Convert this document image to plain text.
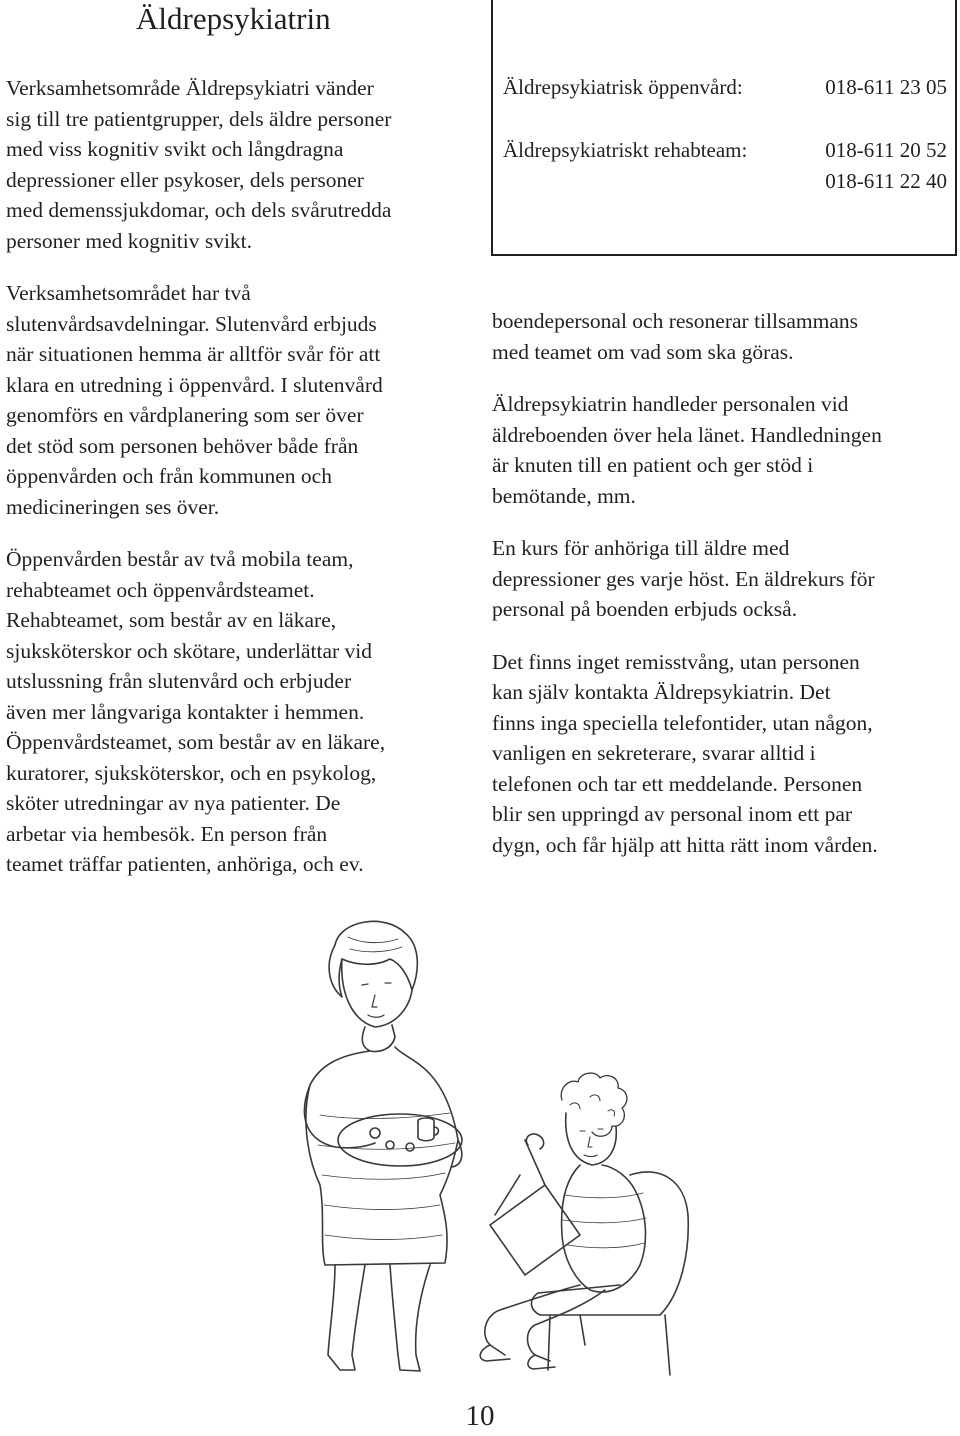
Äldrepsykiatrin

Verksamhetsområde Äldrepsykiatri vänder
sig till tre patientgrupper, dels äldre personer
med viss kognitiv svikt och långdragna
depressioner eller psykoser, dels personer
med demenssjukdomar, och dels svårutredda
personer med kognitiv svikt.

Verksamhetsområdet har två
slutenvårdsavdelningar. Slutenvård erbjuds
när situationen hemma är alltför svår för att
klara en utredning i öppenvård. I slutenvård
genomförs en vårdplanering som ser över
det stöd som personen behöver både från
öppenvården och från kommunen och
medicineringen ses över.

Öppenvården består av två mobila team,
rehabteamet och öppenvårdsteamet.
Rehabteamet, som består av en läkare,
sjuksköterskor och skötare, underlättar vid
utslussning från slutenvård och erbjuder
även mer långvariga kontakter i hemmen.
Öppenvårdsteamet, som består av en läkare,
kuratorer, sjuksköterskor, och en psykolog,
sköter utredningar av nya patienter. De
arbetar via hembesök. En person från
teamet träffar patienten, anhöriga, och ev.

Äldrepsykiatrisk öppenvård:	018-611 23 05
Äldrepsykiatriskt rehabteam:	018-611 20 52
018-611 22 40

boendepersonal och resonerar tillsammans
med teamet om vad som ska göras.

Äldrepsykiatrin handleder personalen vid
äldreboenden över hela länet. Handledningen
är knuten till en patient och ger stöd i
bemötande, mm.

En kurs för anhöriga till äldre med
depressioner ges varje höst. En äldrekurs för
personal på boenden erbjuds också.

Det finns inget remisstvång, utan personen
kan själv kontakta Äldrepsykiatrin. Det
finns inga speciella telefontider, utan någon,
vanligen en sekreterare, svarar alltid i
telefonen och tar ett meddelande. Personen
blir sen uppringd av personal inom ett par
dygn, och får hjälp att hitta rätt inom vården.

10
